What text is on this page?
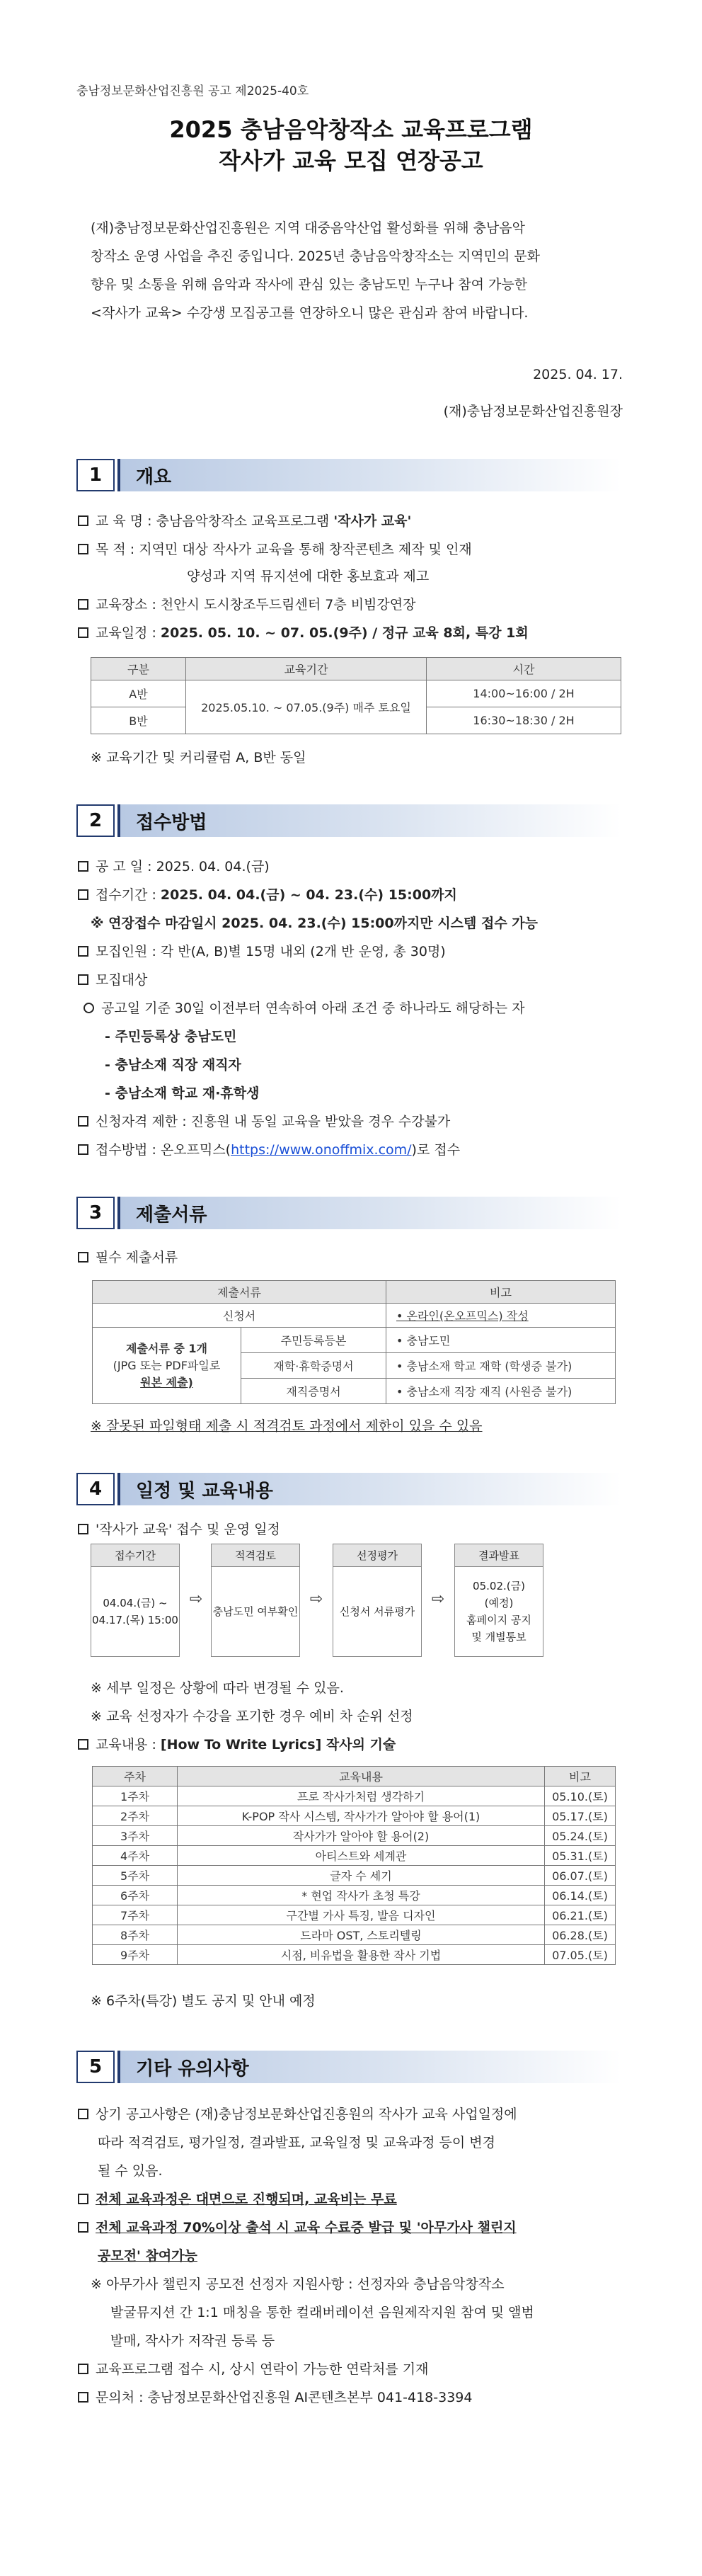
충남정보문화산업진흥원 공고 제2025-40호
2025 충남음악창작소 교육프로그램
작사가 교육 모집 연장공고
(재)충남정보문화산업진흥원은 지역 대중음악산업 활성화를 위해 충남음악
창작소 운영 사업을 추진 중입니다. 2025년 충남음악창작소는 지역민의 문화
향유 및 소통을 위해 음악과 작사에 관심 있는 충남도민 누구나 참여 가능한
<작사가 교육> 수강생 모집공고를 연장하오니 많은 관심과 참여 바랍니다.
2025. 04. 17.
(재)충남정보문화산업진흥원장
1	개요
교 육 명 : 충남음악창작소 교육프로그램 '작사가 교육'
목 적 : 지역민 대상 작사가 교육을 통해 창작콘텐츠 제작 및 인재
양성과 지역 뮤지션에 대한 홍보효과 제고
교육장소 : 천안시 도시창조두드림센터 7층 비빔강연장
교육일정 : 2025. 05. 10. ~ 07. 05.(9주) / 정규 교육 8회, 특강 1회
구분	교육기간	시간
A반	2025.05.10. ~ 07.05.(9주) 매주 토요일	14:00~16:00 / 2H
B반		16:30~18:30 / 2H
※ 교육기간 및 커리큘럼 A, B반 동일
2	접수방법
공 고 일 : 2025. 04. 04.(금)
접수기간 : 2025. 04. 04.(금) ~ 04. 23.(수) 15:00까지
※ 연장접수 마감일시 2025. 04. 23.(수) 15:00까지만 시스템 접수 가능
모집인원 : 각 반(A, B)별 15명 내외 (2개 반 운영, 총 30명)
모집대상
공고일 기준 30일 이전부터 연속하여 아래 조건 중 하나라도 해당하는 자
- 주민등록상 충남도민
- 충남소재 직장 재직자
- 충남소재 학교 재·휴학생
신청자격 제한 : 진흥원 내 동일 교육을 받았을 경우 수강불가
접수방법 : 온오프믹스(https://www.onoffmix.com/)로 접수
3	제출서류
필수 제출서류
제출서류		비고
신청서		• 온라인(온오프믹스) 작성

제출서류 중 1개
(JPG 또는 PDF파일로
원본 제출)	주민등록등본	• 충남도민
	재학·휴학증명서	• 충남소재 학교 재학 (학생증 불가)
	재직증명서	• 충남소재 직장 재직 (사원증 불가)
※ 잘못된 파일형태 제출 시 적격검토 과정에서 제한이 있을 수 있음
4	일정 및 교육내용
'작사가 교육' 접수 및 운영 일정
접수기간
04.04.(금) ~
04.17.(목) 15:00
⇨
적격검토
충남도민 여부확인
⇨
선정평가
신청서 서류평가
⇨
결과발표
05.02.(금)
(예정)
홈페이지 공지
및 개별통보
※ 세부 일정은 상황에 따라 변경될 수 있음.
※ 교육 선정자가 수강을 포기한 경우 예비 차 순위 선정
교육내용 : [How To Write Lyrics] 작사의 기술
주차	교육내용	비고
1주차	프로 작사가처럼 생각하기	05.10.(토)
2주차	K-POP 작사 시스템, 작사가가 알아야 할 용어(1)	05.17.(토)
3주차	작사가가 알아야 할 용어(2)	05.24.(토)
4주차	아티스트와 세계관	05.31.(토)
5주차	글자 수 세기	06.07.(토)
6주차	* 현업 작사가 초청 특강	06.14.(토)
7주차	구간별 가사 특징, 발음 디자인	06.21.(토)
8주차	드라마 OST, 스토리텔링	06.28.(토)
9주차	시점, 비유법을 활용한 작사 기법	07.05.(토)
※ 6주차(특강) 별도 공지 및 안내 예정
5	기타 유의사항
상기 공고사항은 (재)충남정보문화산업진흥원의 작사가 교육 사업일정에
따라 적격검토, 평가일정, 결과발표, 교육일정 및 교육과정 등이 변경
될 수 있음.
전체 교육과정은 대면으로 진행되며, 교육비는 무료
전체 교육과정 70%이상 출석 시 교육 수료증 발급 및 '아무가사 챌린지
공모전' 참여가능
※ 아무가사 챌린지 공모전 선정자 지원사항 : 선정자와 충남음악창작소
발굴뮤지션 간 1:1 매칭을 통한 컬래버레이션 음원제작지원 참여 및 앨범
발매, 작사가 저작권 등록 등
교육프로그램 접수 시, 상시 연락이 가능한 연락처를 기재
문의처 : 충남정보문화산업진흥원 AI콘텐츠본부 041-418-3394
